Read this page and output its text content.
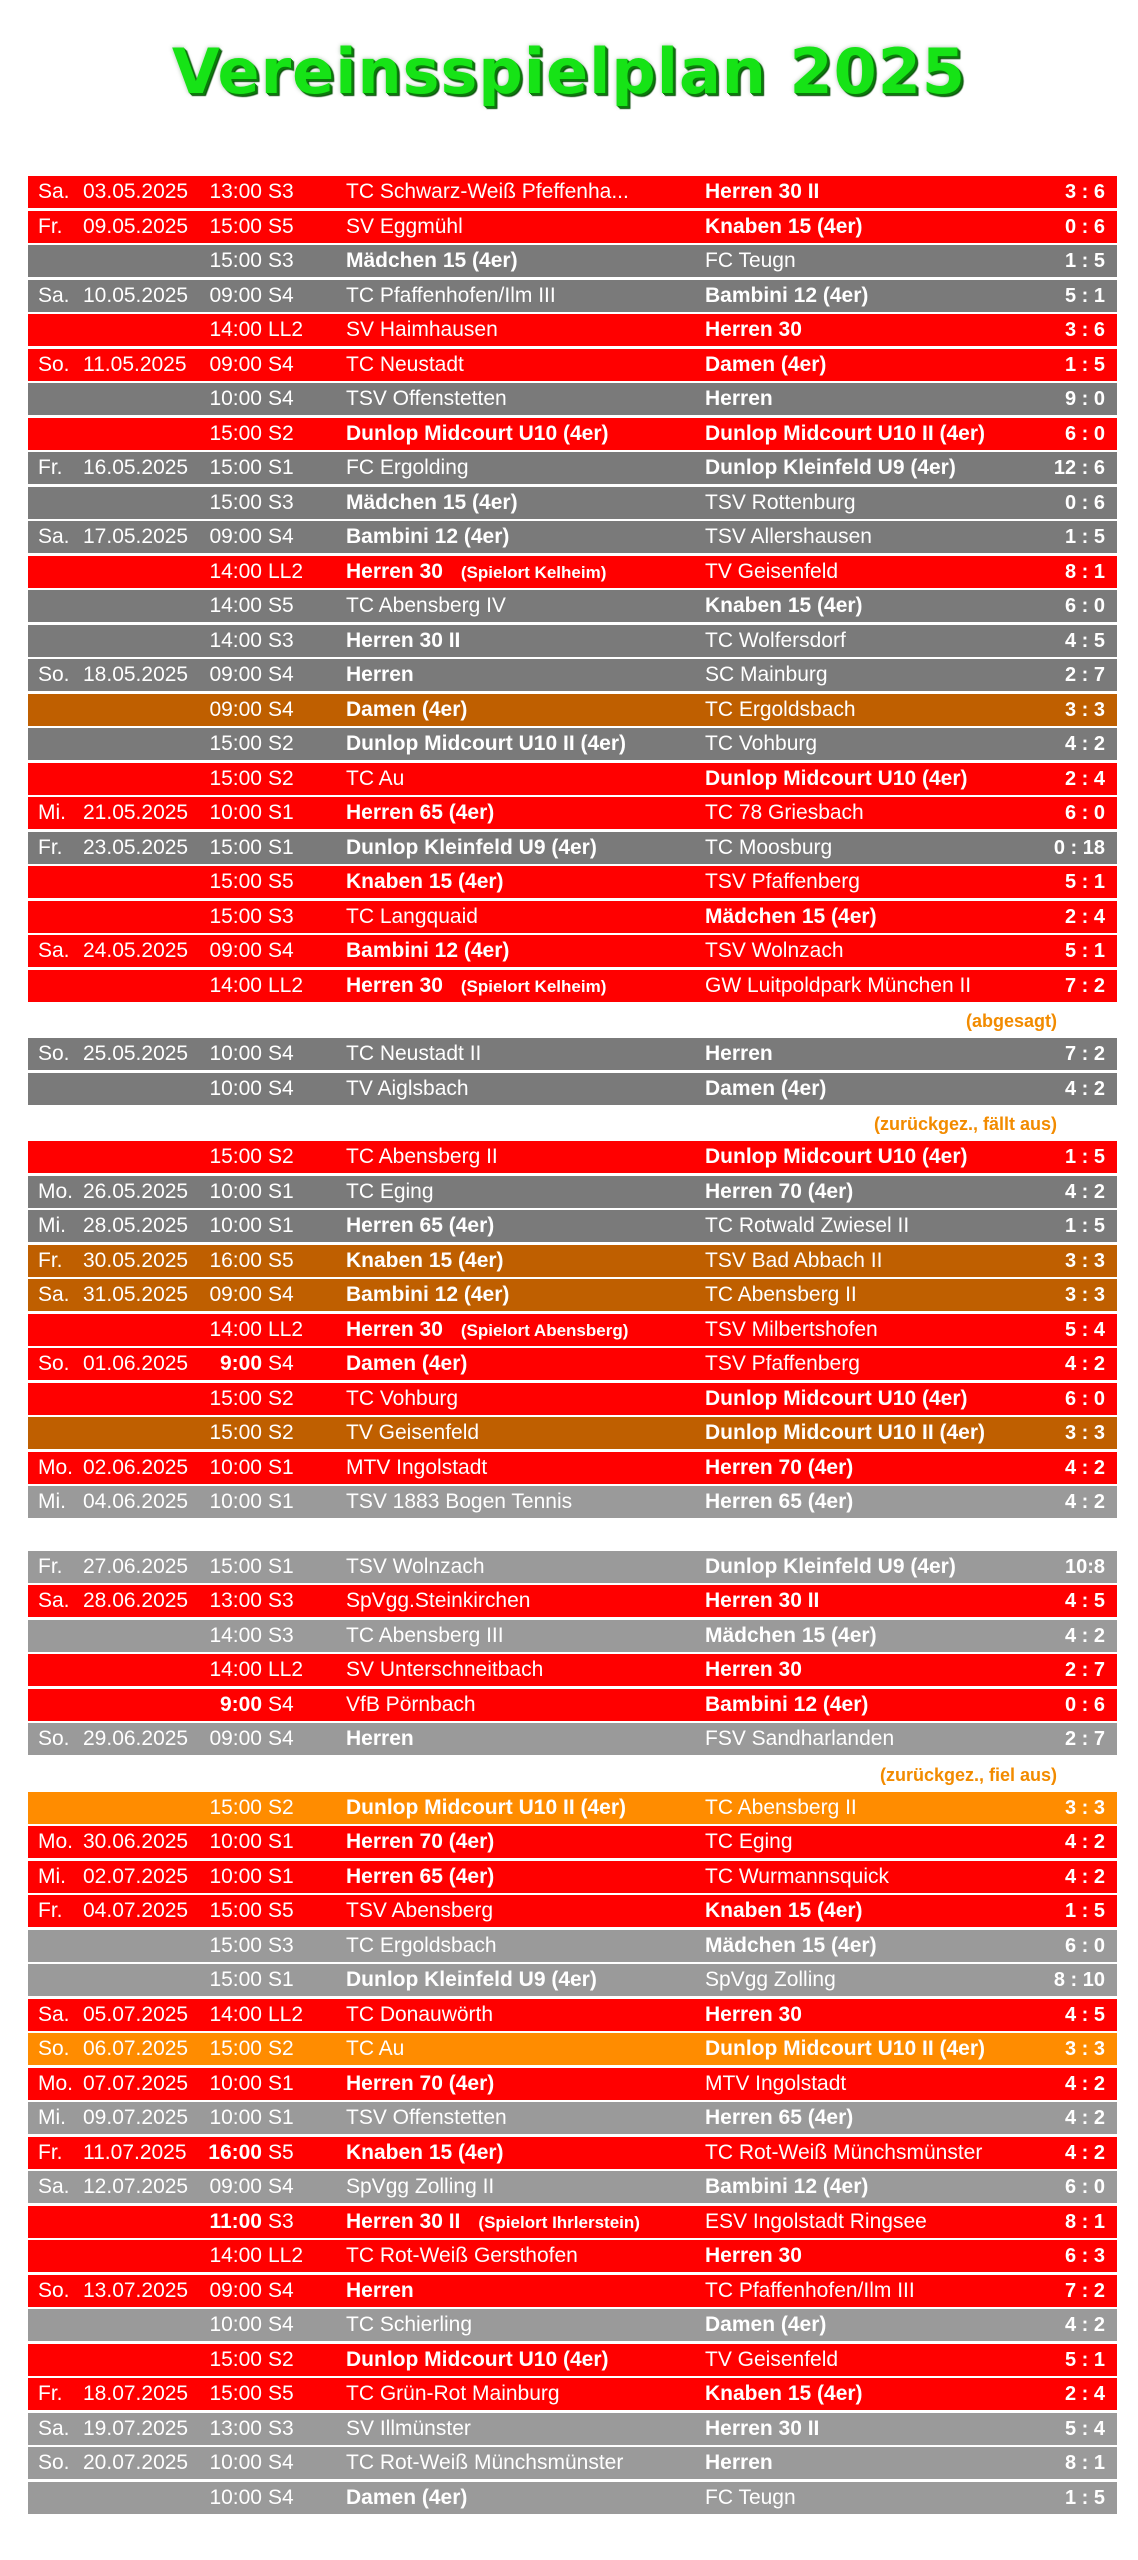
Vereinsspielplan 2025
Sa. 03.05.2025	13:00 S3	TC Schwarz-Weiß Pfeffenha...	Herren 30 II	3 : 6
Fr. 09.05.2025	15:00 S5	SV Eggmühl	Knaben 15 (4er)	0 : 6
15:00 S3	Mädchen 15 (4er)	FC Teugn	1 : 5
Sa. 10.05.2025	09:00 S4	TC Pfaffenhofen/Ilm III	Bambini 12 (4er)	5 : 1
14:00 LL2	SV Haimhausen	Herren 30	3 : 6
So. 11.05.2025	09:00 S4	TC Neustadt	Damen (4er)	1 : 5
10:00 S4	TSV Offenstetten	Herren	9 : 0
15:00 S2	Dunlop Midcourt U10 (4er)	Dunlop Midcourt U10 II (4er)	6 : 0
Fr. 16.05.2025	15:00 S1	FC Ergolding	Dunlop Kleinfeld U9 (4er)	12 : 6
15:00 S3	Mädchen 15 (4er)	TSV Rottenburg	0 : 6
Sa. 17.05.2025	09:00 S4	Bambini 12 (4er)	TSV Allershausen	1 : 5
14:00 LL2	Herren 30 (Spielort Kelheim)	TV Geisenfeld	8 : 1
14:00 S5	TC Abensberg IV	Knaben 15 (4er)	6 : 0
14:00 S3	Herren 30 II	TC Wolfersdorf	4 : 5
So. 18.05.2025	09:00 S4	Herren	SC Mainburg	2 : 7
09:00 S4	Damen (4er)	TC Ergoldsbach	3 : 3
15:00 S2	Dunlop Midcourt U10 II (4er)	TC Vohburg	4 : 2
15:00 S2	TC Au	Dunlop Midcourt U10 (4er)	2 : 4
Mi. 21.05.2025	10:00 S1	Herren 65 (4er)	TC 78 Griesbach	6 : 0
Fr. 23.05.2025	15:00 S1	Dunlop Kleinfeld U9 (4er)	TC Moosburg	0 : 18
15:00 S5	Knaben 15 (4er)	TSV Pfaffenberg	5 : 1
15:00 S3	TC Langquaid	Mädchen 15 (4er)	2 : 4
Sa. 24.05.2025	09:00 S4	Bambini 12 (4er)	TSV Wolnzach	5 : 1
14:00 LL2	Herren 30 (Spielort Kelheim)	GW Luitpoldpark München II	7 : 2
(abgesagt)
So. 25.05.2025	10:00 S4	TC Neustadt II	Herren	7 : 2
10:00 S4	TV Aiglsbach	Damen (4er)	4 : 2
(zurückgez., fällt aus)
15:00 S2	TC Abensberg II	Dunlop Midcourt U10 (4er)	1 : 5
Mo. 26.05.2025	10:00 S1	TC Eging	Herren 70 (4er)	4 : 2
Mi. 28.05.2025	10:00 S1	Herren 65 (4er)	TC Rotwald Zwiesel II	1 : 5
Fr. 30.05.2025	16:00 S5	Knaben 15 (4er)	TSV Bad Abbach II	3 : 3
Sa. 31.05.2025	09:00 S4	Bambini 12 (4er)	TC Abensberg II	3 : 3
14:00 LL2	Herren 30 (Spielort Abensberg)	TSV Milbertshofen	5 : 4
So. 01.06.2025	9:00 S4	Damen (4er)	TSV Pfaffenberg	4 : 2
15:00 S2	TC Vohburg	Dunlop Midcourt U10 (4er)	6 : 0
15:00 S2	TV Geisenfeld	Dunlop Midcourt U10 II (4er)	3 : 3
Mo. 02.06.2025	10:00 S1	MTV Ingolstadt	Herren 70 (4er)	4 : 2
Mi. 04.06.2025	10:00 S1	TSV 1883 Bogen Tennis	Herren 65 (4er)	4 : 2
Fr. 27.06.2025	15:00 S1	TSV Wolnzach	Dunlop Kleinfeld U9 (4er)	10:8
Sa. 28.06.2025	13:00 S3	SpVgg.Steinkirchen	Herren 30 II	4 : 5
14:00 S3	TC Abensberg III	Mädchen 15 (4er)	4 : 2
14:00 LL2	SV Unterschneitbach	Herren 30	2 : 7
9:00 S4	VfB Pörnbach	Bambini 12 (4er)	0 : 6
So. 29.06.2025	09:00 S4	Herren	FSV Sandharlanden	2 : 7
(zurückgez., fiel aus)
15:00 S2	Dunlop Midcourt U10 II (4er)	TC Abensberg II	3 : 3
Mo. 30.06.2025	10:00 S1	Herren 70 (4er)	TC Eging	4 : 2
Mi. 02.07.2025	10:00 S1	Herren 65 (4er)	TC Wurmannsquick	4 : 2
Fr. 04.07.2025	15:00 S5	TSV Abensberg	Knaben 15 (4er)	1 : 5
15:00 S3	TC Ergoldsbach	Mädchen 15 (4er)	6 : 0
15:00 S1	Dunlop Kleinfeld U9 (4er)	SpVgg Zolling	8 : 10
Sa. 05.07.2025	14:00 LL2	TC Donauwörth	Herren 30	4 : 5
So. 06.07.2025	15:00 S2	TC Au	Dunlop Midcourt U10 II (4er)	3 : 3
Mo. 07.07.2025	10:00 S1	Herren 70 (4er)	MTV Ingolstadt	4 : 2
Mi. 09.07.2025	10:00 S1	TSV Offenstetten	Herren 65 (4er)	4 : 2
Fr. 11.07.2025	16:00 S5	Knaben 15 (4er)	TC Rot-Weiß Münchsmünster	4 : 2
Sa. 12.07.2025	09:00 S4	SpVgg Zolling II	Bambini 12 (4er)	6 : 0
11:00 S3	Herren 30 II (Spielort Ihrlerstein)	ESV Ingolstadt Ringsee	8 : 1
14:00 LL2	TC Rot-Weiß Gersthofen	Herren 30	6 : 3
So. 13.07.2025	09:00 S4	Herren	TC Pfaffenhofen/Ilm III	7 : 2
10:00 S4	TC Schierling	Damen (4er)	4 : 2
15:00 S2	Dunlop Midcourt U10 (4er)	TV Geisenfeld	5 : 1
Fr. 18.07.2025	15:00 S5	TC Grün-Rot Mainburg	Knaben 15 (4er)	2 : 4
Sa. 19.07.2025	13:00 S3	SV Illmünster	Herren 30 II	5 : 4
So. 20.07.2025	10:00 S4	TC Rot-Weiß Münchsmünster	Herren	8 : 1
10:00 S4	Damen (4er)	FC Teugn	1 : 5
